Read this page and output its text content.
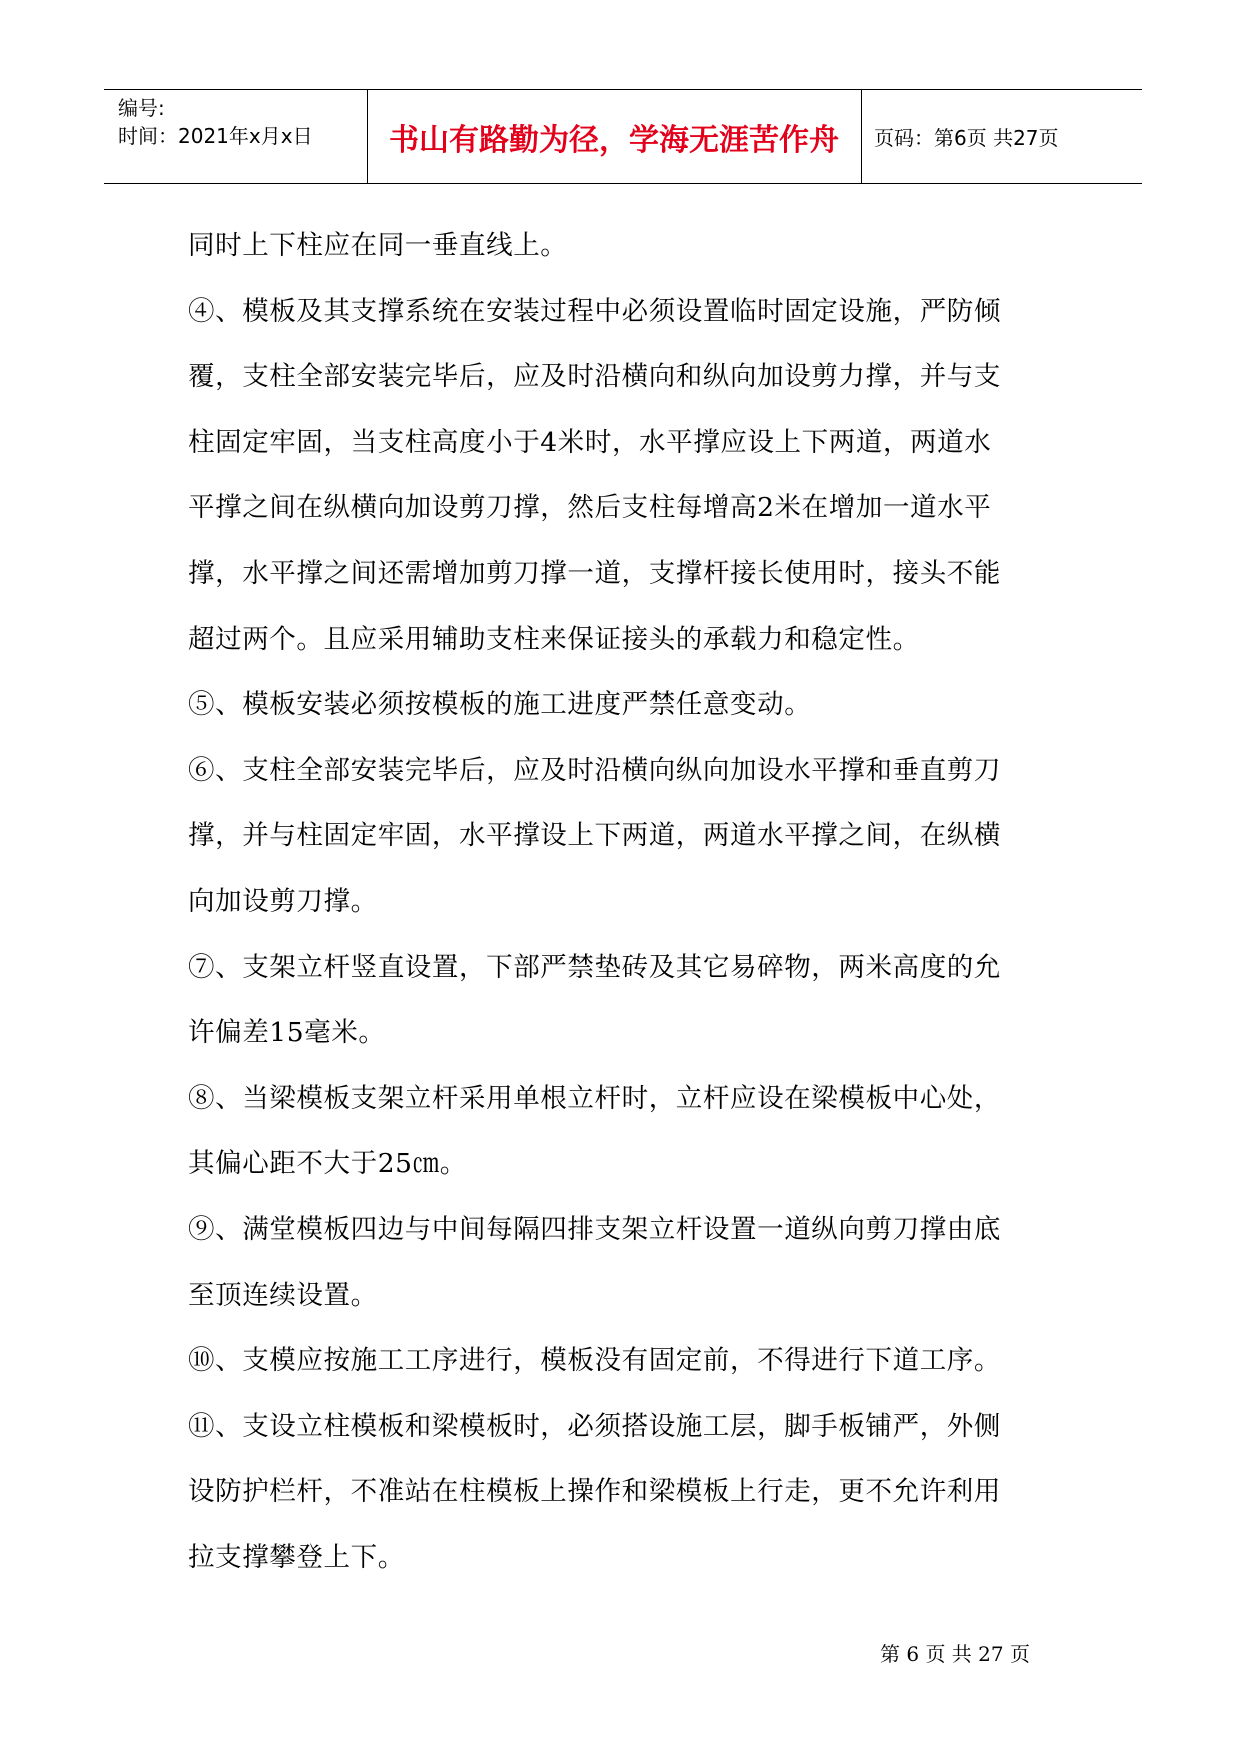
编号:
时间：2021年x月x日	书山有路勤为径，学海无涯苦作舟	页码：第6页 共27页
同时上下柱应在同一垂直线上。
④、模板及其支撑系统在安装过程中必须设置临时固定设施，严防倾
覆，支柱全部安装完毕后，应及时沿横向和纵向加设剪力撑，并与支
柱固定牢固，当支柱高度小于4米时，水平撑应设上下两道，两道水
平撑之间在纵横向加设剪刀撑，然后支柱每增高2米在增加一道水平
撑，水平撑之间还需增加剪刀撑一道，支撑杆接长使用时，接头不能
超过两个。且应采用辅助支柱来保证接头的承载力和稳定性。
⑤、模板安装必须按模板的施工进度严禁任意变动。
⑥、支柱全部安装完毕后，应及时沿横向纵向加设水平撑和垂直剪刀
撑，并与柱固定牢固，水平撑设上下两道，两道水平撑之间，在纵横
向加设剪刀撑。
⑦、支架立杆竖直设置，下部严禁垫砖及其它易碎物，两米高度的允
许偏差15毫米。
⑧、当梁模板支架立杆采用单根立杆时，立杆应设在梁模板中心处，
其偏心距不大于25㎝。
⑨、满堂模板四边与中间每隔四排支架立杆设置一道纵向剪刀撑由底
至顶连续设置。
⑩、支模应按施工工序进行，模板没有固定前，不得进行下道工序。
⑪、支设立柱模板和梁模板时，必须搭设施工层，脚手板铺严，外侧
设防护栏杆，不准站在柱模板上操作和梁模板上行走，更不允许利用
拉支撑攀登上下。
第 6 页 共 27 页
